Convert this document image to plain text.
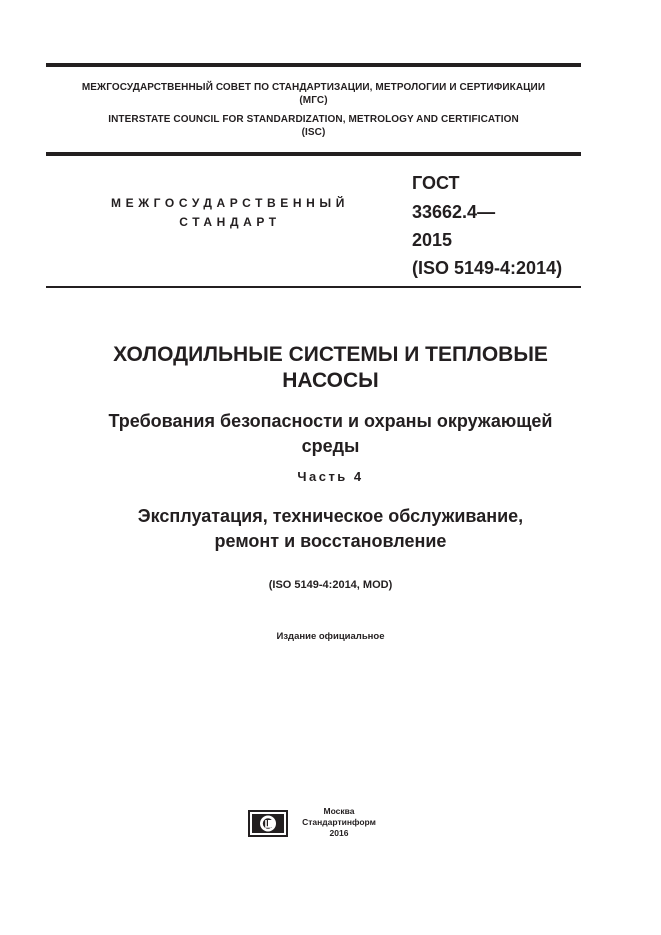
МЕЖГОСУДАРСТВЕННЫЙ СОВЕТ ПО СТАНДАРТИЗАЦИИ, МЕТРОЛОГИИ И СЕРТИФИКАЦИИ
(МГС)
INTERSTATE COUNCIL FOR STANDARDIZATION, METROLOGY AND CERTIFICATION
(ISC)
МЕЖГОСУДАРСТВЕННЫЙ
СТАНДАРТ
ГОСТ
33662.4—
2015
(ISO 5149-4:2014)
ХОЛОДИЛЬНЫЕ СИСТЕМЫ И ТЕПЛОВЫЕ
НАСОСЫ
Требования безопасности и охраны окружающей
среды
Часть 4
Эксплуатация, техническое обслуживание,
ремонт и восстановление
(ISO 5149-4:2014, MOD)
Издание официальное
Москва
Стандартинформ
2016
